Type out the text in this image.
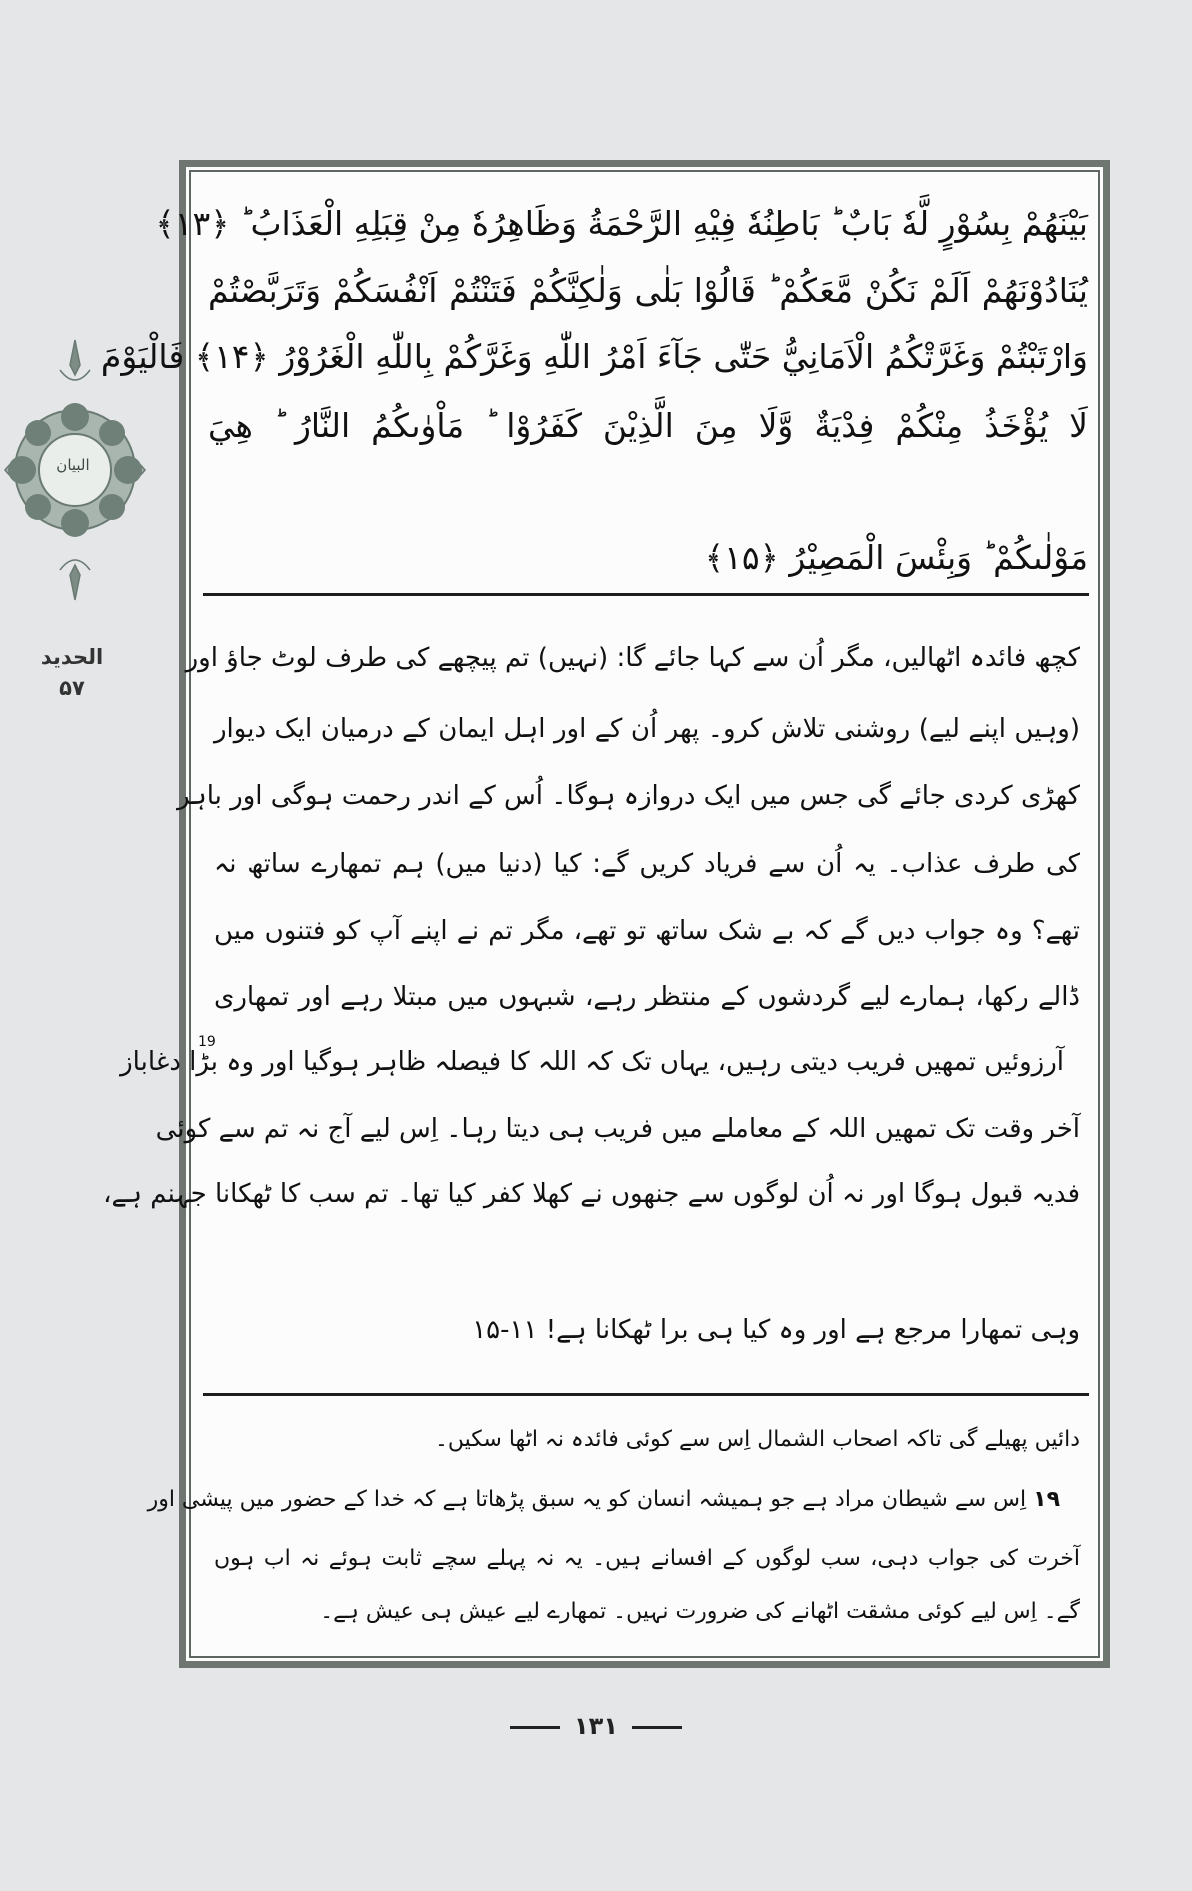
البیان
الحدید
۵۷
بَيْنَهُمْ بِسُوْرٍ لَّهٗ بَابٌ ؕ بَاطِنُهٗ فِيْهِ الرَّحْمَةُ وَظَاهِرُهٗ مِنْ قِبَلِهِ الْعَذَابُ ؕ ﴿۱۳﴾
يُنَادُوْنَهُمْ اَلَمْ نَكُنْ مَّعَكُمْ ؕ قَالُوْا بَلٰى وَلٰكِنَّكُمْ فَتَنْتُمْ اَنْفُسَكُمْ وَتَرَبَّصْتُمْ
وَارْتَبْتُمْ وَغَرَّتْكُمُ الْاَمَانِيُّ حَتّٰى جَآءَ اَمْرُ اللّٰهِ وَغَرَّكُمْ بِاللّٰهِ الْغَرُوْرُ ﴿۱۴﴾ فَالْيَوْمَ
لَا يُؤْخَذُ مِنْكُمْ فِدْيَةٌ وَّلَا مِنَ الَّذِيْنَ كَفَرُوْا ؕ مَاْوٰىكُمُ النَّارُ ؕ هِيَ
مَوْلٰىكُمْ ؕ وَبِئْسَ الْمَصِيْرُ ﴿۱۵﴾
کچھ فائدہ اٹھالیں، مگر اُن سے کہا جائے گا: (نہیں) تم پیچھے کی طرف لوٹ جاؤ اور
(وہیں اپنے لیے) روشنی تلاش کرو۔ پھر اُن کے اور اہل ایمان کے درمیان ایک دیوار
کھڑی کردی جائے گی جس میں ایک دروازہ ہوگا۔ اُس کے اندر رحمت ہوگی اور باہر
کی طرف عذاب۔ یہ اُن سے فریاد کریں گے: کیا (دنیا میں) ہم تمھارے ساتھ نہ
تھے؟ وہ جواب دیں گے کہ بے شک ساتھ تو تھے، مگر تم نے اپنے آپ کو فتنوں میں
ڈالے رکھا، ہمارے لیے گردشوں کے منتظر رہے، شبہوں میں مبتلا رہے اور تمھاری
آرزوئیں تمھیں فریب دیتی رہیں، یہاں تک کہ اللہ کا فیصلہ ظاہر ہوگیا اور وہ بڑا دغاباز
19
آخر وقت تک تمھیں اللہ کے معاملے میں فریب ہی دیتا رہا۔ اِس لیے آج نہ تم سے کوئی
فدیہ قبول ہوگا اور نہ اُن لوگوں سے جنھوں نے کھلا کفر کیا تھا۔ تم سب کا ٹھکانا جہنم ہے،
وہی تمھارا مرجع ہے اور وہ کیا ہی برا ٹھکانا ہے! ۱۱-۱۵
دائیں پھیلے گی تاکہ اصحاب الشمال اِس سے کوئی فائدہ نہ اٹھا سکیں۔
۱۹ اِس سے شیطان مراد ہے جو ہمیشہ انسان کو یہ سبق پڑھاتا ہے کہ خدا کے حضور میں پیشی اور
آخرت کی جواب دہی، سب لوگوں کے افسانے ہیں۔ یہ نہ پہلے سچے ثابت ہوئے نہ اب ہوں
گے۔ اِس لیے کوئی مشقت اٹھانے کی ضرورت نہیں۔ تمھارے لیے عیش ہی عیش ہے۔
۱۳۱
